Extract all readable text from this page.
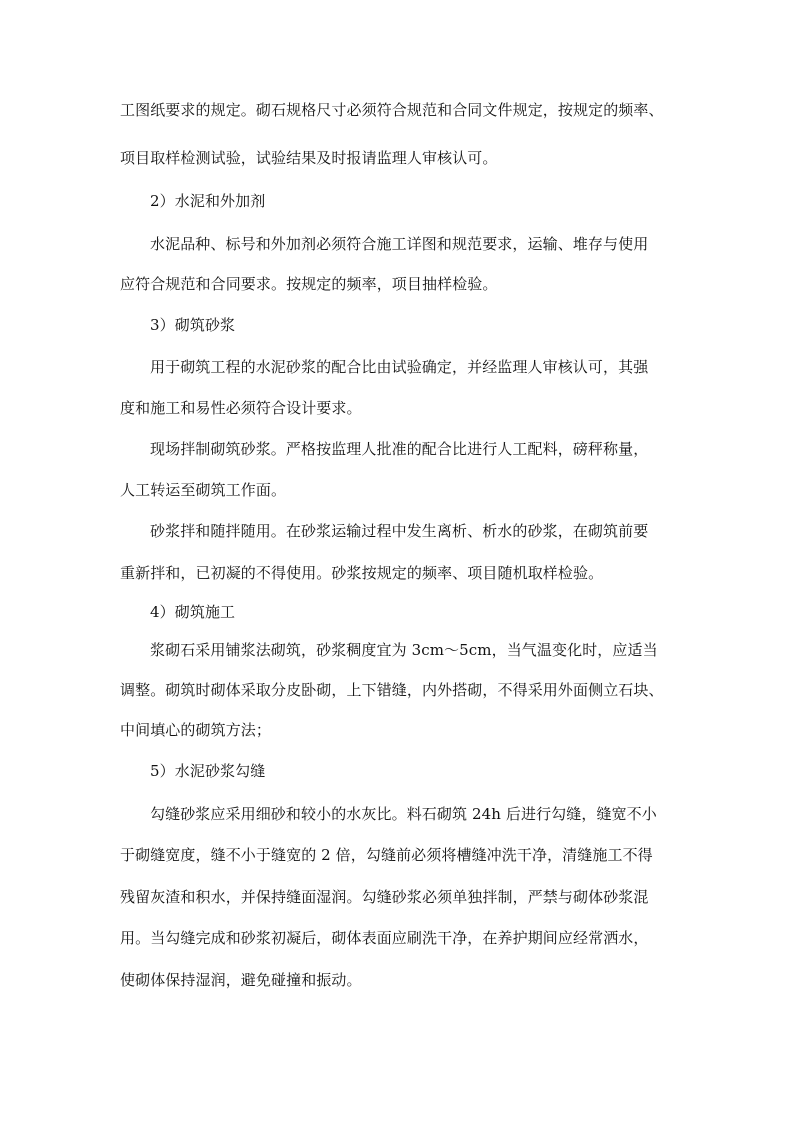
工图纸要求的规定。砌石规格尺寸必须符合规范和合同文件规定，按规定的频率、
项目取样检测试验，试验结果及时报请监理人审核认可。
2）水泥和外加剂
水泥品种、标号和外加剂必须符合施工详图和规范要求，运输、堆存与使用
应符合规范和合同要求。按规定的频率，项目抽样检验。
3）砌筑砂浆
用于砌筑工程的水泥砂浆的配合比由试验确定，并经监理人审核认可，其强
度和施工和易性必须符合设计要求。
现场拌制砌筑砂浆。严格按监理人批准的配合比进行人工配料，磅秤称量，
人工转运至砌筑工作面。
砂浆拌和随拌随用。在砂浆运输过程中发生离析、析水的砂浆，在砌筑前要
重新拌和，已初凝的不得使用。砂浆按规定的频率、项目随机取样检验。
4）砌筑施工
浆砌石采用铺浆法砌筑，砂浆稠度宜为 3cm～5cm，当气温变化时，应适当
调整。砌筑时砌体采取分皮卧砌，上下错缝，内外搭砌，不得采用外面侧立石块、
中间填心的砌筑方法；
5）水泥砂浆勾缝
勾缝砂浆应采用细砂和较小的水灰比。料石砌筑 24h 后进行勾缝，缝宽不小
于砌缝宽度，缝不小于缝宽的 2 倍，勾缝前必须将槽缝冲洗干净，清缝施工不得
残留灰渣和积水，并保持缝面湿润。勾缝砂浆必须单独拌制，严禁与砌体砂浆混
用。当勾缝完成和砂浆初凝后，砌体表面应刷洗干净，在养护期间应经常洒水，
使砌体保持湿润，避免碰撞和振动。
